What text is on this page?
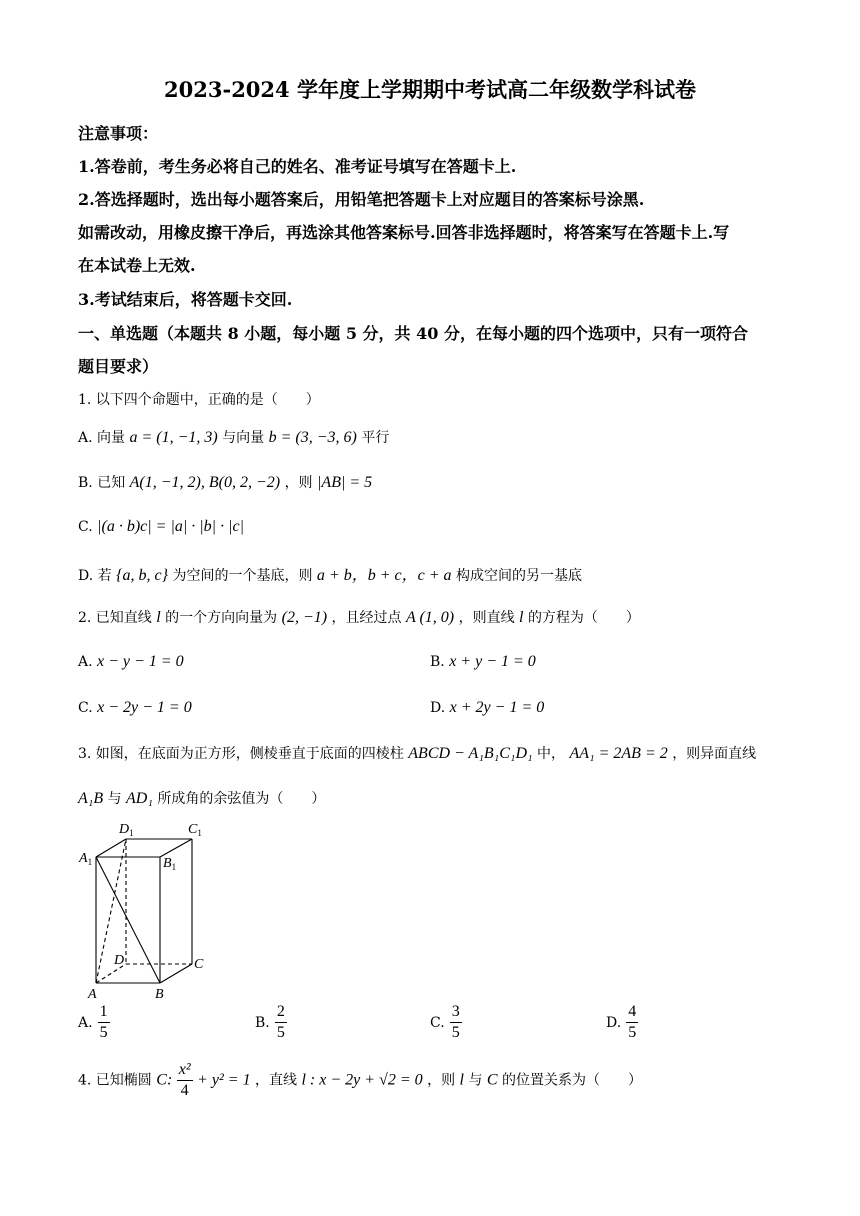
2023-2024 学年度上学期期中考试高二年级数学科试卷
注意事项：
1.答卷前，考生务必将自己的姓名、准考证号填写在答题卡上.
2.答选择题时，选出每小题答案后，用铅笔把答题卡上对应题目的答案标号涂黑.
如需改动，用橡皮擦干净后，再选涂其他答案标号.回答非选择题时，将答案写在答题卡上.写
在本试卷上无效.
3.考试结束后，将答题卡交回.
一、单选题（本题共 8 小题，每小题 5 分，共 40 分，在每小题的四个选项中，只有一项符合
题目要求）
1. 以下四个命题中，正确的是（　　）
A. 向量 a = (1, −1, 3) 与向量 b = (3, −3, 6) 平行
B. 已知 A(1, −1, 2), B(0, 2, −2) ，则 |AB| = 5
C. |(a · b)c| = |a| · |b| · |c|
D. 若 {a, b, c} 为空间的一个基底，则 a + b，b + c，c + a 构成空间的另一基底
2. 已知直线 l 的一个方向向量为 (2, −1) ，且经过点 A (1, 0) ，则直线 l 的方程为（　　）
A. x − y − 1 = 0	B. x + y − 1 = 0
C. x − 2y − 1 = 0	D. x + 2y − 1 = 0
3. 如图，在底面为正方形，侧棱垂直于底面的四棱柱 ABCD − A₁B₁C₁D₁ 中， AA₁ = 2AB = 2 ，则异面直线
A₁B 与 AD₁ 所成角的余弦值为（　　）
$D_1$	$C_1$
$A_1$	$B_1$
D	C
A	B
A. $\frac{1}{5}$	B. $\frac{2}{5}$	C. $\frac{3}{5}$	D. $\frac{4}{5}$
4. 已知椭圆 C: $\frac{\text{x²}}{4} + y^2 = 1$ ，直线 l : x − 2y + √2 = 0 ，则 l 与 C 的位置关系为（　　）
